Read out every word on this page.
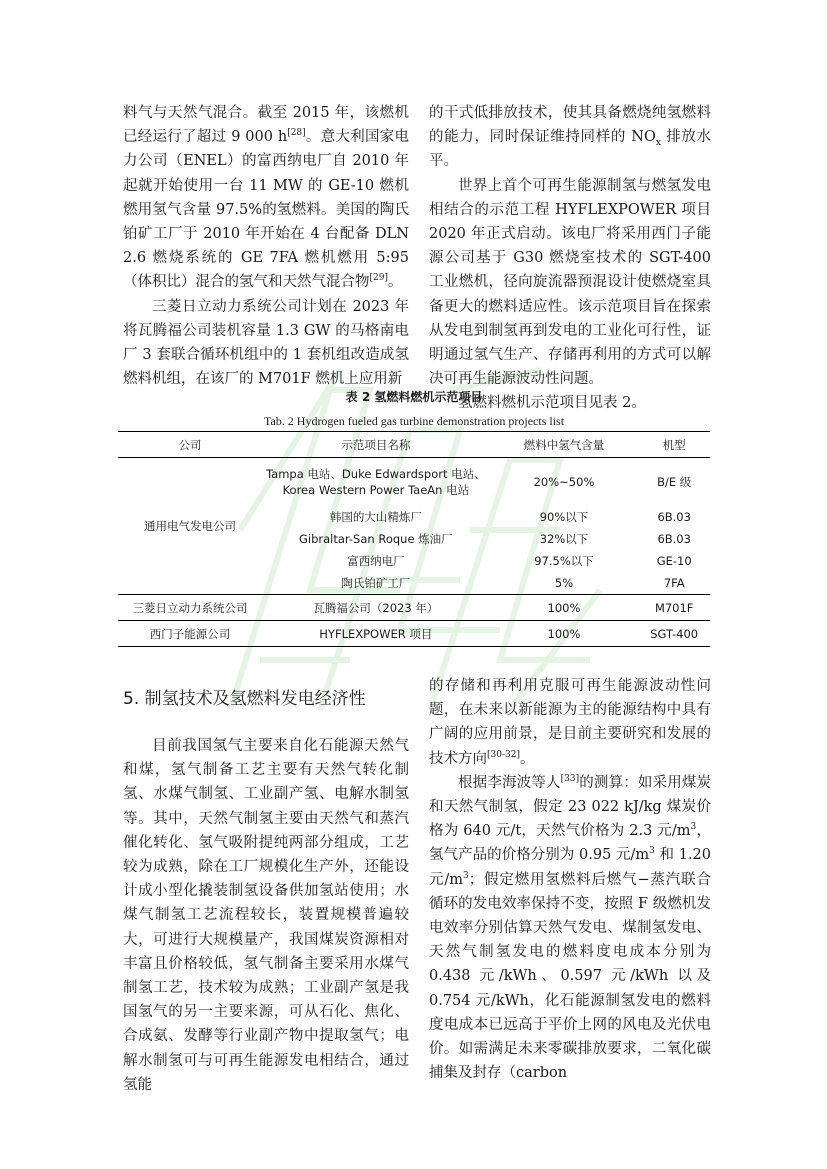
料气与天然气混合。截至 2015 年，该燃机已经运行了超过 9 000 h[28]。意大利国家电力公司（ENEL）的富西纳电厂自 2010 年起就开始使用一台 11 MW 的 GE-10 燃机燃用氢气含量 97.5%的氢燃料。美国的陶氏铂矿工厂于 2010 年开始在 4 台配备 DLN 2.6 燃烧系统的 GE 7FA 燃机燃用 5:95（体积比）混合的氢气和天然气混合物[29]。

三菱日立动力系统公司计划在 2023 年将瓦腾福公司装机容量 1.3 GW 的马格南电厂 3 套联合循环机组中的 1 套机组改造成氢燃料机组，在该厂的 M701F 燃机上应用新

的干式低排放技术，使其具备燃烧纯氢燃料的能力，同时保证维持同样的 $NO_x$ 排放水平。

世界上首个可再生能源制氢与燃氢发电相结合的示范工程 HYFLEXPOWER 项目 2020 年正式启动。该电厂将采用西门子能源公司基于 G30 燃烧室技术的 SGT-400 工业燃机，径向旋流器预混设计使燃烧室具备更大的燃料适应性。该示范项目旨在探索从发电到制氢再到发电的工业化可行性，证明通过氢气生产、存储再利用的方式可以解决可再生能源波动性问题。

氢燃料燃机示范项目见表 2。

表 2 氢燃料燃机示范项目
Tab. 2 Hydrogen fueled gas turbine demonstration projects list
公司	示范项目名称	燃料中氢气含量	机型
通用电气发电公司	Tampa 电站、Duke Edwardsport 电站、
Korea Western Power TaeAn 电站	20%~50%	B/E 级
	韩国的大山精炼厂	90%以下	6B.03
	Gibraltar-San Roque 炼油厂	32%以下	6B.03
	富西纳电厂	97.5%以下	GE-10
	陶氏铂矿工厂	5%	7FA
三菱日立动力系统公司	瓦腾福公司（2023 年）	100%	M701F
西门子能源公司	HYFLEXPOWER 项目	100%	SGT-400
5. 制氢技术及氢燃料发电经济性

目前我国氢气主要来自化石能源天然气和煤，氢气制备工艺主要有天然气转化制氢、水煤气制氢、工业副产氢、电解水制氢等。其中，天然气制氢主要由天然气和蒸汽催化转化、氢气吸附提纯两部分组成，工艺较为成熟，除在工厂规模化生产外，还能设计成小型化撬装制氢设备供加氢站使用；水煤气制氢工艺流程较长，装置规模普遍较大，可进行大规模量产，我国煤炭资源相对丰富且价格较低，氢气制备主要采用水煤气制氢工艺，技术较为成熟；工业副产氢是我国氢气的另一主要来源，可从石化、焦化、合成氨、发酵等行业副产物中提取氢气；电解水制氢可与可再生能源发电相结合，通过氢能

的存储和再利用克服可再生能源波动性问题，在未来以新能源为主的能源结构中具有广阔的应用前景，是目前主要研究和发展的技术方向[30-32]。

根据李海波等人[33]的测算：如采用煤炭和天然气制氢，假定 23 022 kJ/kg 煤炭价格为 640 元/t，天然气价格为 2.3 元$/m^3$，氢气产品的价格分别为 0.95 元$/m^3$ 和 1.20 元$/m^3$；假定燃用氢燃料后燃气−蒸汽联合循环的发电效率保持不变，按照 F 级燃机发电效率分别估算天然气发电、煤制氢发电、天然气制氢发电的燃料度电成本分别为 0.438 元/kWh、0.597 元/kWh 以及 0.754 元/kWh，化石能源制氢发电的燃料度电成本已远高于平价上网的风电及光伏电价。如需满足未来零碳排放要求，二氧化碳捕集及封存（carbon
